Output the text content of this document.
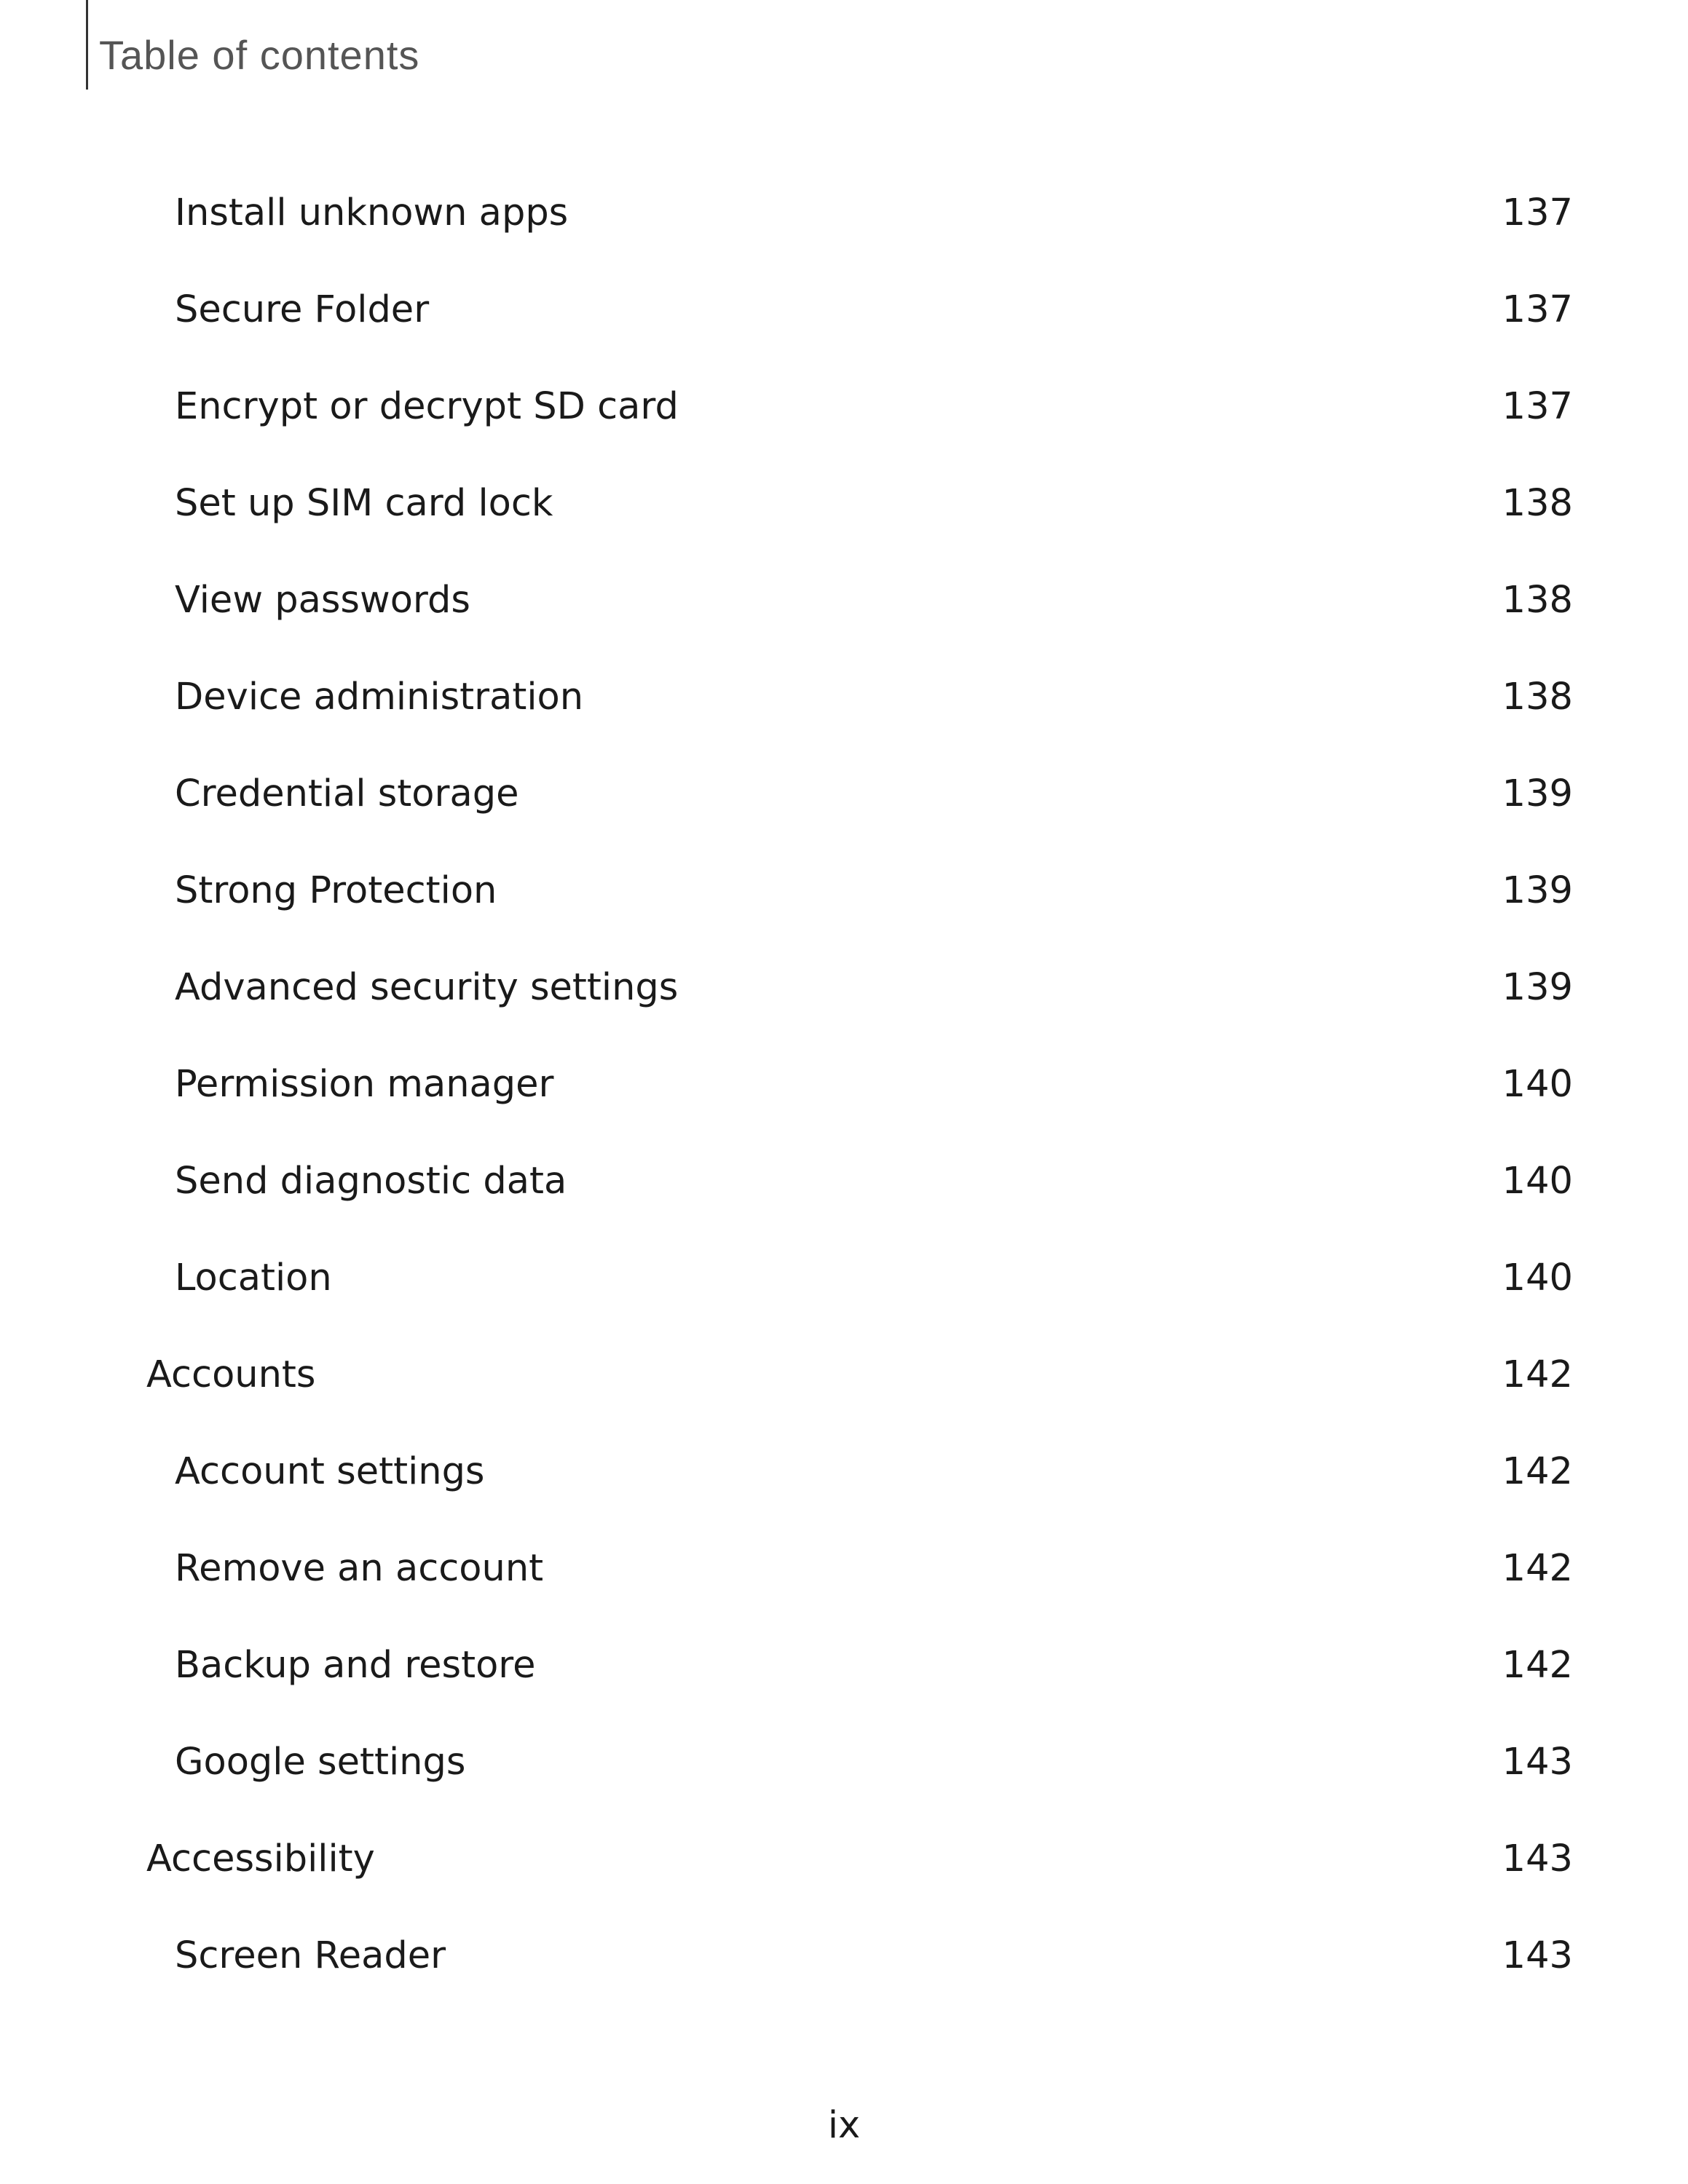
Table of contents
Install unknown apps	137
Secure Folder	137
Encrypt or decrypt SD card	137
Set up SIM card lock	138
View passwords	138
Device administration	138
Credential storage	139
Strong Protection	139
Advanced security settings	139
Permission manager	140
Send diagnostic data	140
Location	140
Accounts	142
Account settings	142
Remove an account	142
Backup and restore	142
Google settings	143
Accessibility	143
Screen Reader	143
ix
